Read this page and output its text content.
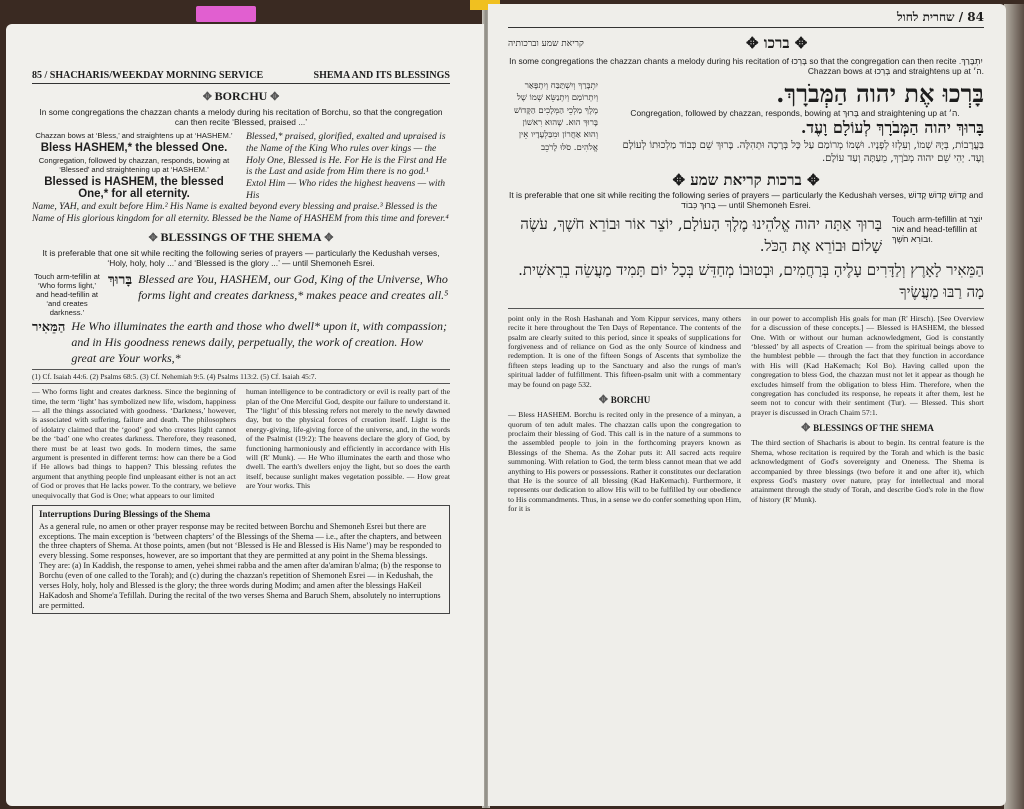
85 / SHACHARIS/WEEKDAY MORNING SERVICE	SHEMA AND ITS BLESSINGS
✥ BORCHU ✥
In some congregations the chazzan chants a melody during his recitation of Borchu, so that the congregation can then recite ‘Blessed, praised ...’
Chazzan bows at ‘Bless,’ and straightens up at ‘HASHEM.’
Bless HASHEM,* the blessed One.
Congregation, followed by chazzan, responds, bowing at ‘Blessed’ and straightening up at ‘HASHEM.’
Blessed is HASHEM, the blessed One,* for all eternity.
Blessed,* praised, glorified, exalted and upraised is the Name of the King Who rules over kings — the Holy One, Blessed is He. For He is the First and He is the Last and aside from Him there is no god.¹ Extol Him — Who rides the highest heavens — with His
Name, YAH, and exult before Him.² His Name is exalted beyond every blessing and praise.³ Blessed is the Name of His glorious kingdom for all eternity. Blessed be the Name of HASHEM from this time and forever.⁴
✥ BLESSINGS OF THE SHEMA ✥
It is preferable that one sit while reciting the following series of prayers — particularly the Kedushah verses, ‘Holy, holy, holy ...’ and ‘Blessed is the glory ...’ — until Shemoneh Esrei.
Touch arm-tefillin at ‘Who forms light,’ and head-tefillin at ‘and creates darkness.’
בָּרוּךְ Blessed are You, HASHEM, our God, King of the Universe, Who forms light and creates darkness,* makes peace and creates all.⁵
הַמֵּאִיר He Who illuminates the earth and those who dwell* upon it, with compassion; and in His goodness renews daily, perpetually, the work of creation. How great are Your works,*
(1) Cf. Isaiah 44:6. (2) Psalms 68:5. (3) Cf. Nehemiah 9:5. (4) Psalms 113:2. (5) Cf. Isaiah 45:7.
— Who forms light and creates darkness. Since the beginning of time, the term ‘light’ has symbolized new life, wisdom, happiness — all the things associated with goodness. ‘Darkness,’ however, is associated with suffering, failure and death. The philosophers of idolatry claimed that the ‘good’ god who creates light cannot be the ‘bad’ one who creates darkness. Therefore, they reasoned, there must be at least two gods. In modern times, the same argument is presented in different terms: how can there be a God if He allows bad things to happen? This blessing refutes the argument that anything people find unpleasant either is not an act of God or proves that He lacks power. To the contrary, we believe unequivocally that God is One; what appears to our limited
human intelligence to be contradictory or evil is really part of the plan of the One Merciful God, despite our failure to understand it. The ‘light’ of this blessing refers not merely to the newly dawned day, but to the physical forces of creation itself. Light is the energy-giving, life-giving force of the universe, and, in the words of the Psalmist (19:2): The heavens declare the glory of God, by functioning harmoniously and efficiently in accordance with His will (R' Munk). — He Who illuminates the earth and those who dwell. The earth's dwellers enjoy the light, but so does the earth itself, because sunlight makes vegetation possible. — How great are Your works. This
Interruptions During Blessings of the Shema
As a general rule, no amen or other prayer response may be recited between Borchu and Shemoneh Esrei but there are exceptions. The main exception is ‘between chapters’ of the Blessings of the Shema — i.e., after the chapters, and between the three chapters of Shema. At those points, amen (but not ‘Blessed is He and Blessed is His Name’) may be responded to every blessing. Some responses, however, are so important that they are permitted at any point in the Shema blessings. They are: (a) In Kaddish, the response to amen, yehei shmei rabba and the amen after da'amiran b'alma; (b) the response to Borchu (even of one called to the Torah); and (c) during the chazzan's repetition of Shemoneh Esrei — in Kedushah, the verses Holy, holy, holy and Blessed is the glory; the three words during Modim; and amen after the blessings HaKeil HaKadosh and Shome'a Tefillah. During the recital of the two verses Shema and Baruch Shem, absolutely no interruptions are permitted.
84 / שחרית לחול
קריאת שמע וברכותיה	✥ ברכו ✥
In some congregations the chazzan chants a melody during his recitation of בָּרְכוּ so that the congregation can then recite .יִתְבָּרַךְ
Chazzan bows at בָּרְכוּ and straightens up at ה׳.
יִתְבָּרַךְ וְיִשְׁתַּבַּח וְיִתְפָּאַר וְיִתְרוֹמַם וְיִתְנַשֵּׂא שְׁמוֹ שֶׁל מֶלֶךְ מַלְכֵי הַמְּלָכִים הַקָּדוֹשׁ בָּרוּךְ הוּא. שֶׁהוּא רִאשׁוֹן וְהוּא אַחֲרוֹן וּמִבַּלְעָדָיו אֵין אֱלֹהִים. סֹלּוּ לָרֹכֵב
בָּרְכוּ אֶת יהוה הַמְּבֹרָךְ.
Congregation, followed by chazzan, responds, bowing at בָּרוּךְ and straightening up at ה׳.
בָּרוּךְ יהוה הַמְּבֹרָךְ לְעוֹלָם וָעֶד.
בַּעֲרָבוֹת, בְּיָהּ שְׁמוֹ, וְעִלְזוּ לְפָנָיו. וּשְׁמוֹ מְרוֹמַם עַל כָּל בְּרָכָה וּתְהִלָּה. בָּרוּךְ שֵׁם כְּבוֹד מַלְכוּתוֹ לְעוֹלָם וָעֶד. יְהִי שֵׁם יהוה מְבֹרָךְ, מֵעַתָּה וְעַד עוֹלָם.
✥ ברכות קריאת שמע ✥
It is preferable that one sit while reciting the following series of prayers — particularly the Kedushah verses, קָדוֹשׁ קָדוֹשׁ קָדוֹשׁ and בָּרוּךְ כְּבוֹד — until Shemoneh Esrei.
בָּרוּךְ אַתָּה יהוה אֱלֹהֵינוּ מֶלֶךְ הָעוֹלָם, יוֹצֵר אוֹר וּבוֹרֵא חֹשֶׁךְ, עֹשֶׂה שָׁלוֹם וּבוֹרֵא אֶת הַכֹּל.
Touch arm-tefillin at יוֹצֵר אוֹר and head-tefillin at וּבוֹרֵא חֹשֶׁךְ.
הַמֵּאִיר לָאָרֶץ וְלַדָּרִים עָלֶיהָ בְּרַחֲמִים, וּבְטוּבוֹ מְחַדֵּשׁ בְּכָל יוֹם תָּמִיד מַעֲשֵׂה בְרֵאשִׁית. מָה רַבּוּ מַעֲשֶׂיךָ
point only in the Rosh Hashanah and Yom Kippur services, many others recite it here throughout the Ten Days of Repentance. The contents of the psalm are clearly suited to this period, since it speaks of supplications for forgiveness and of reliance on God as the only Source of kindness and redemption. It is one of the fifteen Songs of Ascents that symbolize the fifteen steps leading up to the Sanctuary and also the rungs of man's spiritual ladder of fulfillment. This fifteen-psalm unit with a commentary may be found on page 532.
✥ BORCHU
— Bless HASHEM. Borchu is recited only in the presence of a minyan, a quorum of ten adult males. The chazzan calls upon the congregation to proclaim their blessing of God. This call is in the nature of a summons to the assembled people to join in the forthcoming prayers known as Blessings of the Shema. As the Zohar puts it: All sacred acts require summoning. With relation to God, the term bless cannot mean that we add anything to His powers or possessions. Rather it constitutes our declaration that He is the source of all blessing (Kad HaKemach). Furthermore, it represents our dedication to allow His will to be fulfilled by our obedience to His commandments. Thus, in a sense we do confer something upon Him, for it is
in our power to accomplish His goals for man (R' Hirsch). [See Overview for a discussion of these concepts.] — Blessed is HASHEM, the blessed One. With or without our human acknowledgment, God is constantly ‘blessed’ by all aspects of Creation — from the spiritual beings above to the humblest pebble — through the fact that they function in accordance with His will (Kad HaKemach; Kol Bo). Having called upon the congregation to bless God, the chazzan must not let it appear as though he excludes himself from the obligation to bless Him. Therefore, when the congregation has concluded its response, he repeats it after them, lest he seem not to concur with their sentiment (Tur). — Blessed. This short prayer is discussed in Orach Chaim 57:1.
✥ BLESSINGS OF THE SHEMA
The third section of Shacharis is about to begin. Its central feature is the Shema, whose recitation is required by the Torah and which is the basic acknowledgment of God's sovereignty and Oneness. The Shema is accompanied by three blessings (two before it and one after it), which express God's mastery over nature, pray for intellectual and moral attainment through the study of Torah, and describe God's role in the flow of history (R' Munk).
